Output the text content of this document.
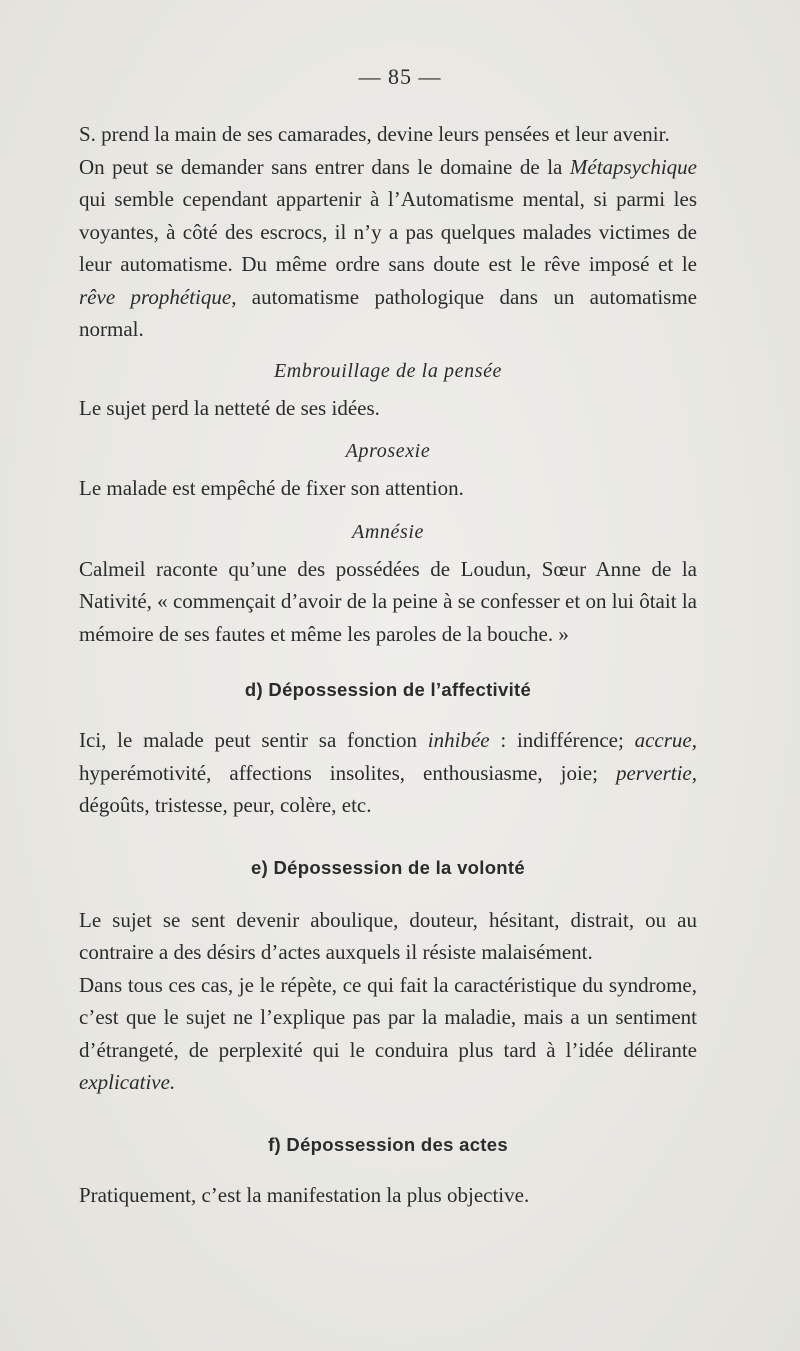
— 85 —

S. prend la main de ses camarades, devine leurs pensées et leur avenir.

On peut se demander sans entrer dans le domaine de la Métapsychique qui semble cependant appartenir à l’Automatisme mental, si parmi les voyantes, à côté des escrocs, il n’y a pas quelques malades victimes de leur automatisme. Du même ordre sans doute est le rêve imposé et le rêve prophétique, automatisme pathologique dans un automatisme normal.

Embrouillage de la pensée

Le sujet perd la netteté de ses idées.

Aprosexie

Le malade est empêché de fixer son attention.

Amnésie

Calmeil raconte qu’une des possédées de Loudun, Sœur Anne de la Nativité, « commençait d’avoir de la peine à se confesser et on lui ôtait la mémoire de ses fautes et même les paroles de la bouche. »

d) Dépossession de l’affectivité

Ici, le malade peut sentir sa fonction inhibée : indifférence; accrue, hyperémotivité, affections insolites, enthousiasme, joie; pervertie, dégoûts, tristesse, peur, colère, etc.

e) Dépossession de la volonté

Le sujet se sent devenir aboulique, douteur, hésitant, distrait, ou au contraire a des désirs d’actes auxquels il résiste malaisément.

Dans tous ces cas, je le répète, ce qui fait la caractéristique du syndrome, c’est que le sujet ne l’explique pas par la maladie, mais a un sentiment d’étrangeté, de perplexité qui le conduira plus tard à l’idée délirante explicative.

f) Dépossession des actes

Pratiquement, c’est la manifestation la plus objective.
